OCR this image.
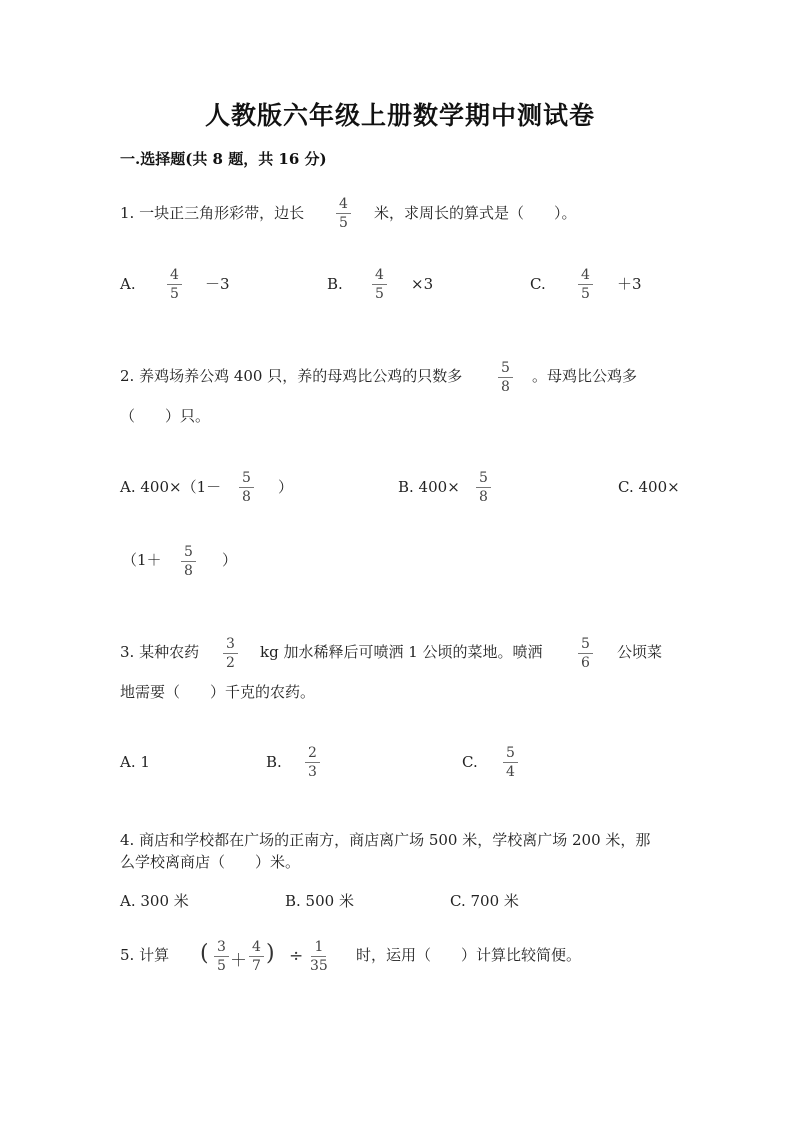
人教版六年级上册数学期中测试卷
一.选择题(共 8 题，共 16 分)
1. 一块正三角形彩带，边长 $\frac{4}{5}$ 米，求周长的算式是（　　）。
A. $\frac{4}{5} -3$	B. $\frac{4}{5} \times 3$	C. $\frac{4}{5} +3$
2. 养鸡场养公鸡 400 只，养的母鸡比公鸡的只数多	$\frac{5}{8}$ 。母鸡比公鸡多
（　　）只。
A. $400\times(1- \frac{5}{8}$ ）	B. $400\times \frac{5}{8}$	C. 400×
（$1+ \frac{5}{8}$ ）
3. 某种农药 $\frac{3}{2}$ kg 加水稀释后可喷洒 1 公顷的菜地。喷洒	$\frac{5}{6}$ 公顷菜
地需要（　　）千克的农药。
A. 1	B. $\frac{2}{3}$	C. $\frac{5}{4}$
4. 商店和学校都在广场的正南方，商店离广场 500 米，学校离广场 200 米，那
么学校离商店（　　）米。
A. 300 米	B. 500 米	C. 700 米
5. 计算 ( $\frac{3}{5} + \frac{4}{7}$ ) ÷ $\frac{1}{35}$ 时，运用（　　）计算比较简便。
